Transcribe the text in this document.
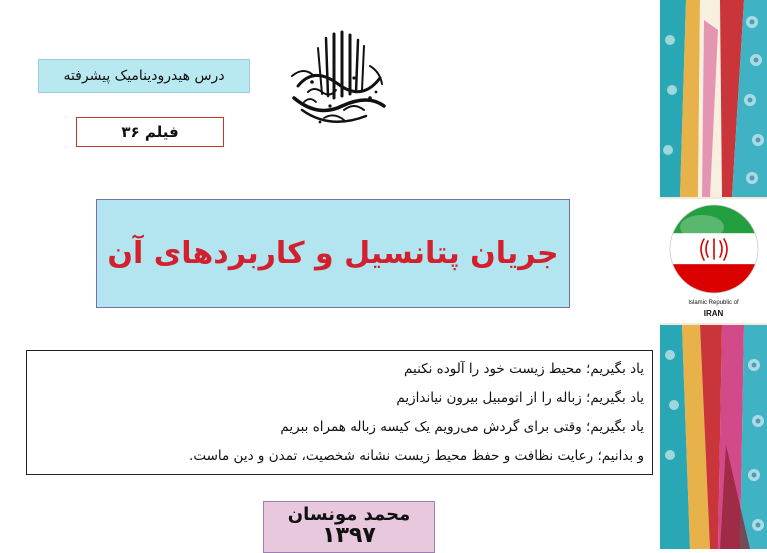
درس هیدرودینامیک پیشرفته
فیلم ۳۶
جریان پتانسیل و کاربردهای آن
یاد بگیریم؛ محیط زیست خود را آلوده نکنیم
یاد بگیریم؛ زباله را از اتومبیل بیرون نیاندازیم
یاد بگیریم؛ وقتی برای گردش می‌رویم یک کیسه زباله همراه ببریم
و بدانیم؛ رعایت نظافت و حفظ محیط زیست نشانه شخصیت، تمدن و دین ماست.
محمد مونسان
۱۳۹۷
Islamic Republic of
IRAN
